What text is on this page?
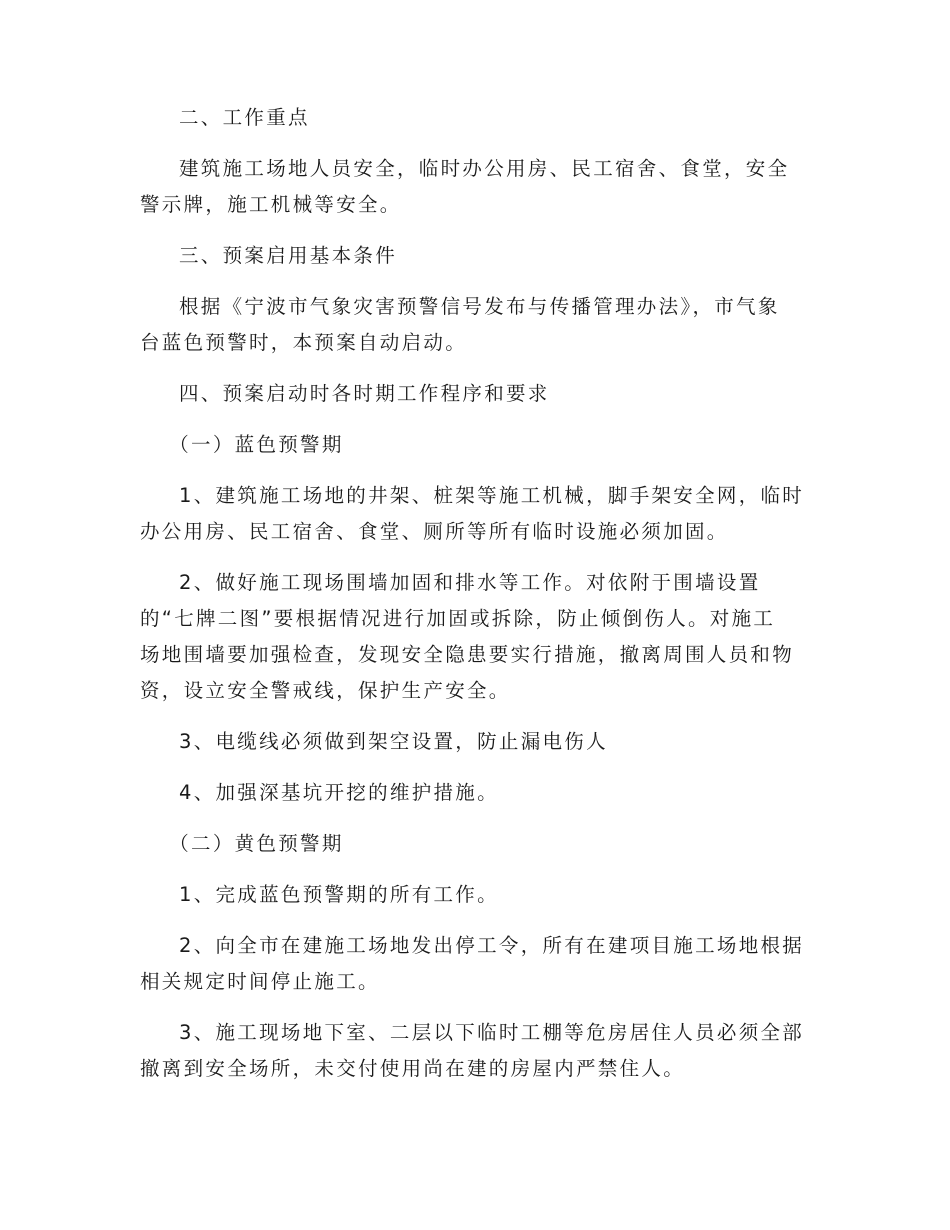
二、工作重点
建筑施工场地人员安全，临时办公用房、民工宿舍、食堂，安全
警示牌，施工机械等安全。
三、预案启用基本条件
根据《宁波市气象灾害预警信号发布与传播管理办法》，市气象
台蓝色预警时，本预案自动启动。
四、预案启动时各时期工作程序和要求
（一）蓝色预警期
1、建筑施工场地的井架、桩架等施工机械，脚手架安全网，临时
办公用房、民工宿舍、食堂、厕所等所有临时设施必须加固。
2、做好施工现场围墙加固和排水等工作。对依附于围墙设置
的“七牌二图”要根据情况进行加固或拆除，防止倾倒伤人。对施工
场地围墙要加强检查，发现安全隐患要实行措施，撤离周围人员和物
资，设立安全警戒线，保护生产安全。
3、电缆线必须做到架空设置，防止漏电伤人
4、加强深基坑开挖的维护措施。
（二）黄色预警期
1、完成蓝色预警期的所有工作。
2、向全市在建施工场地发出停工令，所有在建项目施工场地根据
相关规定时间停止施工。
3、施工现场地下室、二层以下临时工棚等危房居住人员必须全部
撤离到安全场所，未交付使用尚在建的房屋内严禁住人。
